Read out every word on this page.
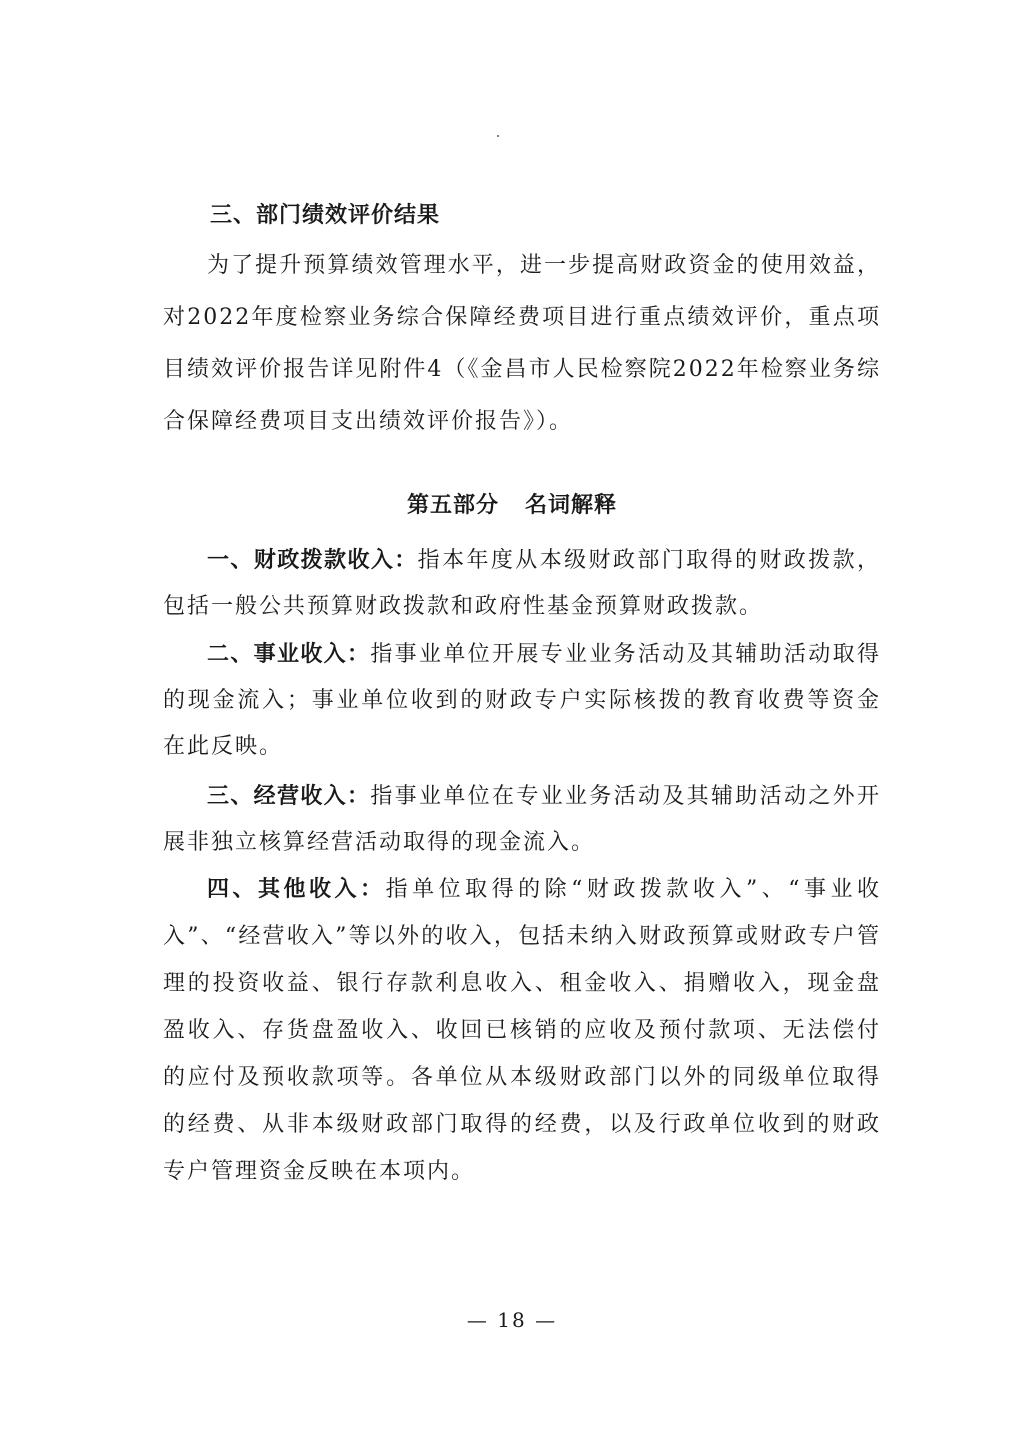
三、部门绩效评价结果
为了提升预算绩效管理水平，进一步提高财政资金的使用效益，对2022年度检察业务综合保障经费项目进行重点绩效评价，重点项目绩效评价报告详见附件4（《金昌市人民检察院2022年检察业务综合保障经费项目支出绩效评价报告》）。
第五部分 名词解释
一、财政拨款收入：指本年度从本级财政部门取得的财政拨款，包括一般公共预算财政拨款和政府性基金预算财政拨款。
二、事业收入：指事业单位开展专业业务活动及其辅助活动取得的现金流入；事业单位收到的财政专户实际核拨的教育收费等资金在此反映。
三、经营收入：指事业单位在专业业务活动及其辅助活动之外开展非独立核算经营活动取得的现金流入。
四、其他收入：指单位取得的除“财政拨款收入”、“事业收入”、“经营收入”等以外的收入，包括未纳入财政预算或财政专户管理的投资收益、银行存款利息收入、租金收入、捐赠收入，现金盘盈收入、存货盘盈收入、收回已核销的应收及预付款项、无法偿付的应付及预收款项等。各单位从本级财政部门以外的同级单位取得的经费、从非本级财政部门取得的经费，以及行政单位收到的财政专户管理资金反映在本项内。
— 18 —
